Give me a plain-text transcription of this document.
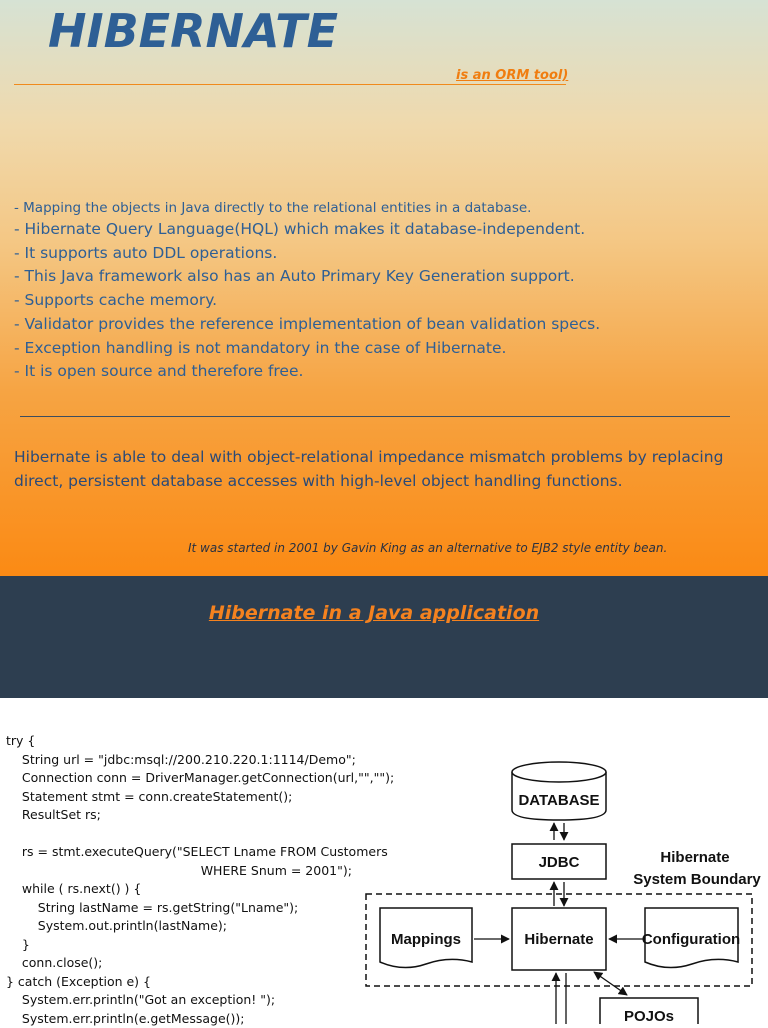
HIBERNATE
is an ORM tool)
- Mapping the objects in Java directly to the relational entities in a database.
- Hibernate Query Language(HQL) which makes it database-independent.
- It supports auto DDL operations.
- This Java framework also has an Auto Primary Key Generation support.
- Supports cache memory.
- Validator provides the reference implementation of bean validation specs.
- Exception handling is not mandatory in the case of Hibernate.
- It is open source and therefore free.

Hibernate is able to deal with object-relational impedance mismatch problems by replacing direct, persistent database accesses with high-level object handling functions.

It was started in 2001 by Gavin King as an alternative to EJB2 style entity bean.

Hibernate in a Java application
try {
String url = "jdbc:msql://200.210.220.1:1114/Demo";
Connection conn = DriverManager.getConnection(url,"","");
Statement stmt = conn.createStatement();
ResultSet rs;

rs = stmt.executeQuery("SELECT Lname FROM Customers
WHERE Snum = 2001");
while ( rs.next() ) {
String lastName = rs.getString("Lname");
System.out.println(lastName);
}
conn.close();
} catch (Exception e) {
System.err.println("Got an exception! ");
System.err.println(e.getMessage());
DATABASE
JDBC	Hibernate
System Boundary
Mappings	Hibernate	Configuration
POJOs
